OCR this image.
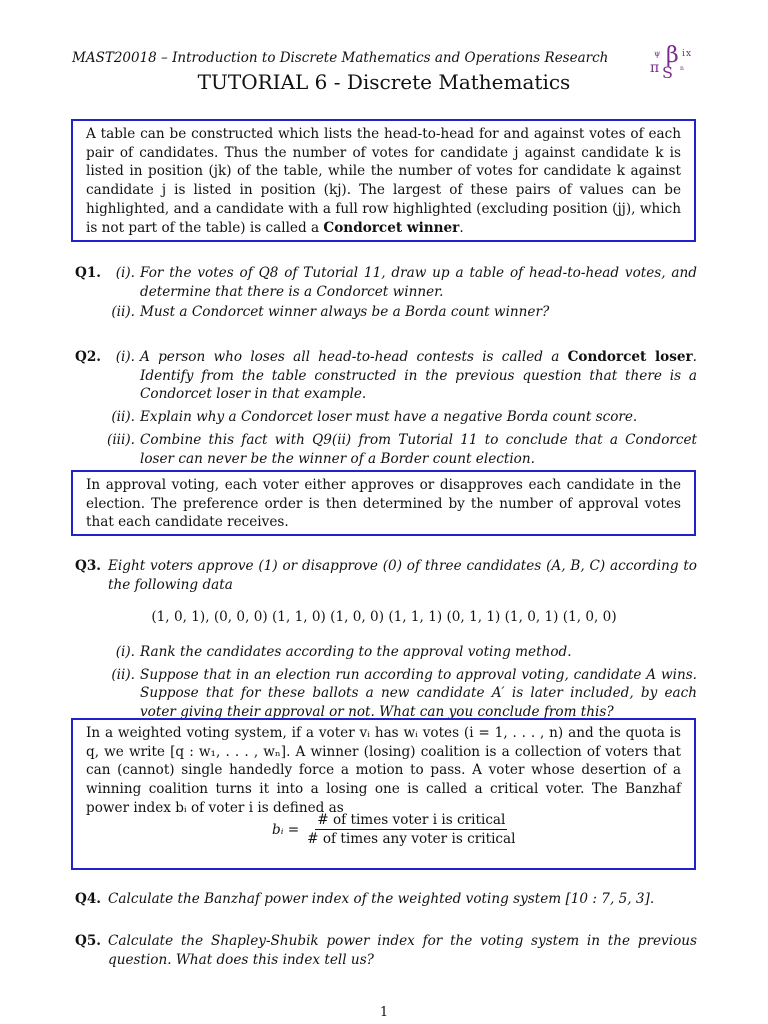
MAST20018 – Introduction to Discrete Mathematics and Operations Research
TUTORIAL 6 - Discrete Mathematics
β
ψ
π S
i x
n

A table can be constructed which lists the head-to-head for and against votes of each pair of candidates. Thus the number of votes for candidate j against candidate k is listed in position (jk) of the table, while the number of votes for candidate k against candidate j is listed in position (kj). The largest of these pairs of values can be highlighted, and a candidate with a full row highlighted (excluding position (jj), which is not part of the table) is called a Condorcet winner.

Q1.	(i). For the votes of Q8 of Tutorial 11, draw up a table of head-to-head votes, and determine that there is a Condorcet winner.
(ii). Must a Condorcet winner always be a Borda count winner?
Q2.	(i). A person who loses all head-to-head contests is called a Condorcet loser. Identify from the table constructed in the previous question that there is a Condorcet loser in that example.
(ii). Explain why a Condorcet loser must have a negative Borda count score.
(iii). Combine this fact with Q9(ii) from Tutorial 11 to conclude that a Condorcet loser can never be the winner of a Border count election.

In approval voting, each voter either approves or disapproves each candidate in the election. The preference order is then determined by the number of approval votes that each candidate receives.

Q3. Eight voters approve (1) or disapprove (0) of three candidates (A, B, C) according to the following data
(1, 0, 1), (0, 0, 0) (1, 1, 0) (1, 0, 0) (1, 1, 1) (0, 1, 1) (1, 0, 1) (1, 0, 0)
(i). Rank the candidates according to the approval voting method.
(ii). Suppose that in an election run according to approval voting, candidate A wins. Suppose that for these ballots a new candidate A′ is later included, by each voter giving their approval or not. What can you conclude from this?

In a weighted voting system, if a voter vᵢ has wᵢ votes (i = 1, . . . , n) and the quota is q, we write [q : w₁, . . . , wₙ]. A winner (losing) coalition is a collection of voters that can (cannot) single handedly force a motion to pass. A voter whose desertion of a winning coalition turns it into a losing one is called a critical voter. The Banzhaf power index bᵢ of voter i is defined as

bᵢ = $\frac{\text{\# of times voter i is critical}}{\text{\# of times any voter is critical}}$
Q4. Calculate the Banzhaf power index of the weighted voting system [10 : 7, 5, 3].
Q5. Calculate the Shapley-Shubik power index for the voting system in the previous question. What does this index tell us?
1
